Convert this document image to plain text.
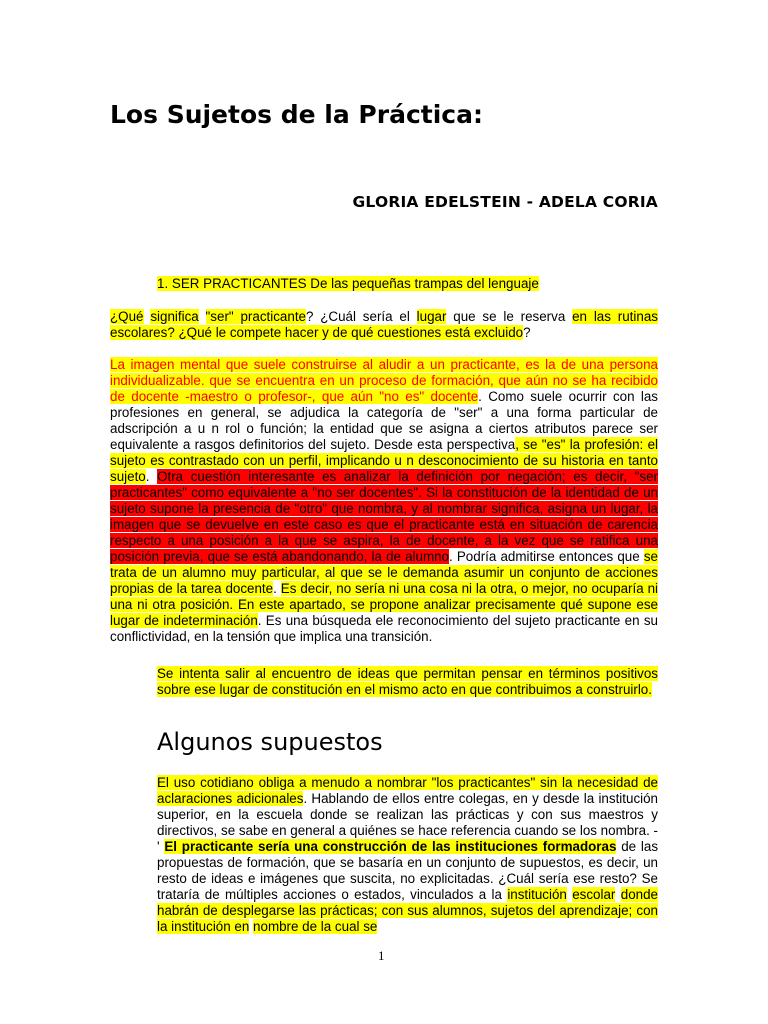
Los Sujetos de la Práctica:

GLORIA EDELSTEIN - ADELA CORIA

1. SER PRACTICANTES De las pequeñas trampas del lenguaje
¿Qué significa "ser" practicante? ¿Cuál sería el lugar que se le reserva en las rutinas escolares? ¿Qué le compete hacer y de qué cuestiones está excluido?
La imagen mental que suele construirse al aludir a un practicante, es la de una persona individualizable. que se encuentra en un proceso de formación, que aún no se ha recibido de docente -maestro o profesor-, que aún "no es" docente. Como suele ocurrir con las profesiones en general, se adjudica la categoría de "ser" a una forma particular de adscripción a u n rol o función; la entidad que se asigna a ciertos atributos parece ser equivalente a rasgos definitorios del sujeto. Desde esta perspectiva, se "es" la profesión: el sujeto es contrastado con un perfil, implicando u n desconocimiento de su historia en tanto sujeto. Otra cuestión interesante es analizar la definición por negación; es decir, "ser practicantes" como equivalente a "no ser docentes". Si la constitución de la identidad de un sujeto supone la presencia de "otro" que nombra, y al nombrar significa, asigna un lugar, la imagen que se devuelve en este caso es que el practicante está en situación de carencia respecto a una posición a la que se aspira, la de docente, a la vez que se ratifica una posición previa, que se está abandonando, la de alumno. Podría admitirse entonces que se trata de un alumno muy particular, al que se le demanda asumir un conjunto de acciones propias de la tarea docente. Es decir, no sería ni una cosa ni la otra, o mejor, no ocuparía ni una ni otra posición. En este apartado, se propone analizar precisamente qué supone ese lugar de indeterminación. Es una búsqueda ele reconocimiento del sujeto practicante en su conflictividad, en la tensión que implica una transición.
Se intenta salir al encuentro de ideas que permitan pensar en términos positivos sobre ese lugar de constitución en el mismo acto en que contribuimos a construirlo.
Algunos supuestos
El uso cotidiano obliga a menudo a nombrar "los practicantes" sin la necesidad de aclaraciones adicionales. Hablando de ellos entre colegas, en y desde la institución superior, en la escuela donde se realizan las prácticas y con sus maestros y directivos, se sabe en general a quiénes se hace referencia cuando se los nombra. - ' El practicante sería una construcción de las instituciones formadoras de las propuestas de formación, que se basaría en un conjunto de supuestos, es decir, un resto de ideas e imágenes que suscita, no explicitadas. ¿Cuál sería ese resto? Se trataría de múltiples acciones o estados, vinculados a la institución escolar donde habrán de desplegarse las prácticas; con sus alumnos, sujetos del aprendizaje; con la institución en nombre de la cual se
1
